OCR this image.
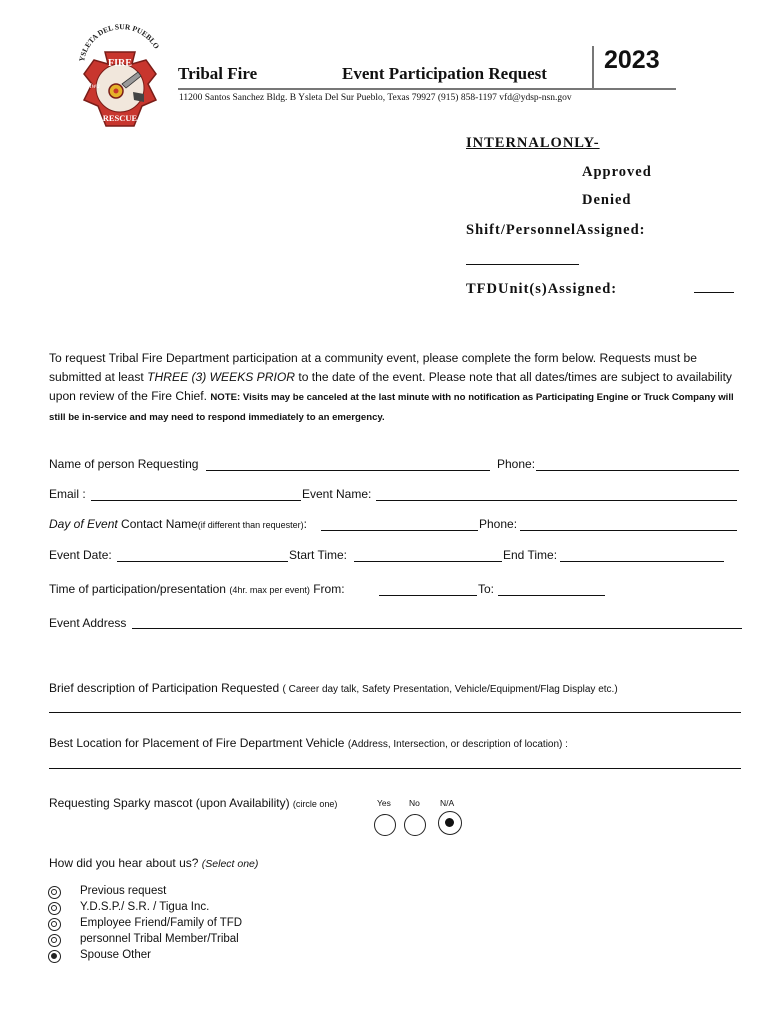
YSLETA DEL SUR PUEBLO
FIRE
RESCUE
Tiwa
Tribal Fire	Event Participation Request 2023
11200 Santos Sanchez Bldg. B Ysleta Del Sur Pueblo, Texas 79927 (915) 858-1197 vfd@ydsp-nsn.gov
INTERNALONLY-
Approved
Denied
Shift/PersonnelAssigned:
TFDUnit(s)Assigned:
To request Tribal Fire Department participation at a community event, please complete the form below. Requests must be submitted at least THREE (3) WEEKS PRIOR to the date of the event. Please note that all dates/times are subject to availability upon review of the Fire Chief. NOTE: Visits may be canceled at the last minute with no notification as Participating Engine or Truck Company will still be in-service and may need to respond immediately to an emergency.
Name of person Requesting	Phone:
Email :	Event Name:
Day of Event Contact Name(if different than requester):	Phone:
Event Date:	Start Time:	End Time:
Time of participation/presentation (4hr. max per event) From:	To:
Event Address
Brief description of Participation Requested ( Career day talk, Safety Presentation, Vehicle/Equipment/Flag Display etc.)
Best Location for Placement of Fire Department Vehicle (Address, Intersection, or description of location) :
Requesting Sparky mascot (upon Availability) (circle one)	Yes No N/A
How did you hear about us? (Select one)
Previous request
Y.D.S.P./ S.R. / Tigua Inc.
Employee Friend/Family of TFD
personnel Tribal Member/Tribal
Spouse Other
